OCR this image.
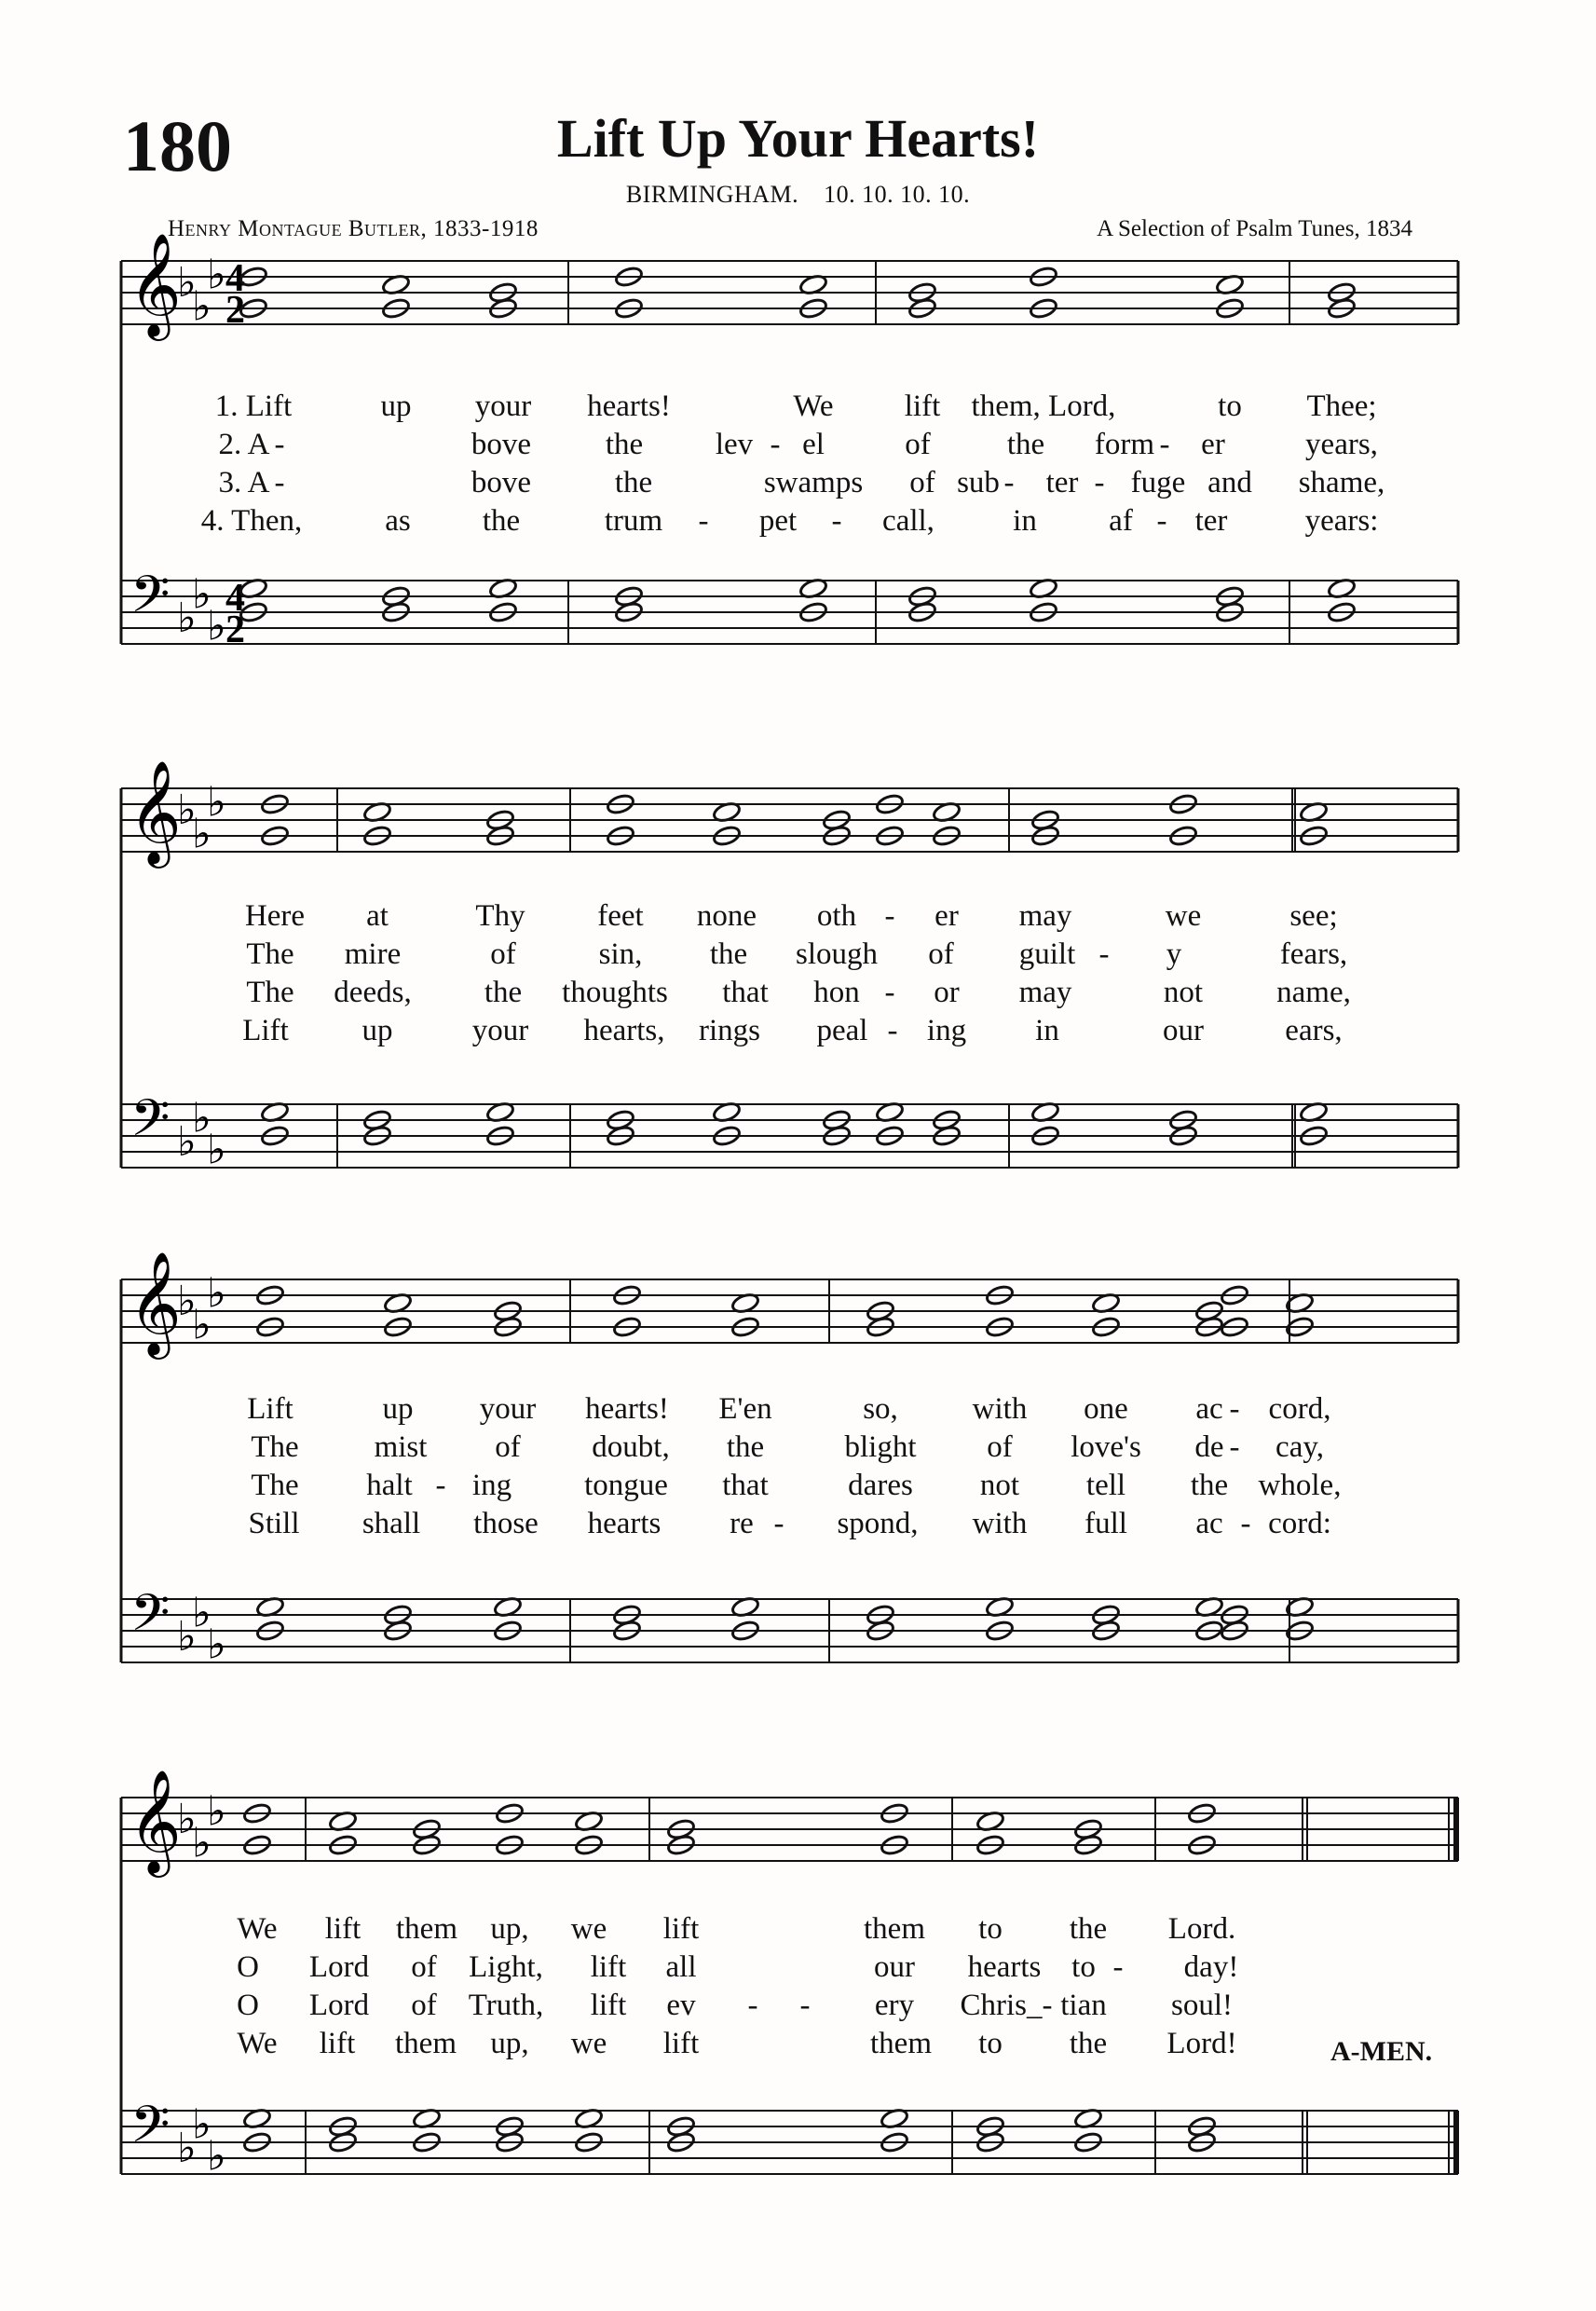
180	Lift Up Your Hearts!
BIRMINGHAM. 10. 10. 10. 10.
Henry Montague Butler, 1833-1918	A Selection of Psalm Tunes, 1834
𝄞
𝄢
♭
♭
♭
♭
♭
♭
4
2
4
2
1. Lift	up your hearts!	We lift them, Lord,	to Thee;
2. A -	bove the lev - el	of the form - er	years,
3. A -	bove	the	swamps of sub - ter - fuge and shame,
4. Then,	as the	trum - pet - call,	in af - ter	years:
𝄞
𝄢
♭
♭
♭
♭
♭
♭
Here at	Thy feet none oth - er may	we	see;
The mire	of	sin, the slough of guilt - y	fears,
The deeds, the thoughts that hon - or may	not name,
Lift up	your hearts, rings peal - ing in	our	ears,
𝄞
𝄢
♭
♭
♭
♭
♭
♭
Lift	up your hearts! E'en	so, with one ac - cord,
The mist of doubt, the	blight of love's de - cay,
The halt - ing tongue that	dares not tell the whole,
Still shall those hearts re - spond, with full ac - cord:
𝄞
𝄢
♭
♭
♭
♭
♭
♭
We lift them up, we lift	them to the Lord.
O Lord of Light, lift all	our hearts to - day!
O Lord of Truth, lift ev - - ery Chris_- tian soul!
We lift them up, we lift	them to the Lord!	A-MEN.
